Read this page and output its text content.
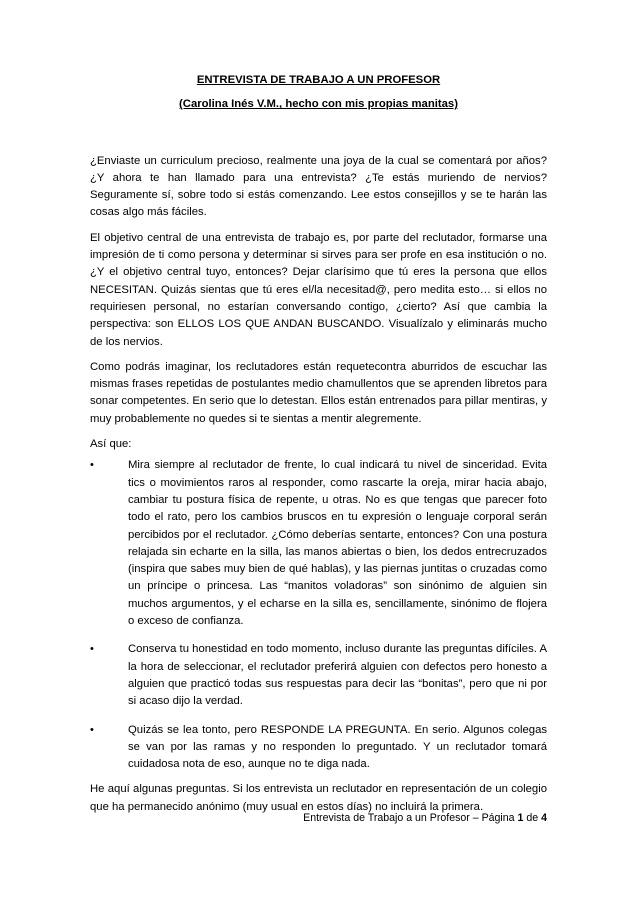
ENTREVISTA DE TRABAJO A UN PROFESOR

(Carolina Inés V.M., hecho con mis propias manitas)

¿Enviaste un curriculum precioso, realmente una joya de la cual se comentará por años? ¿Y ahora te han llamado para una entrevista? ¿Te estás muriendo de nervios? Seguramente sí, sobre todo si estás comenzando. Lee estos consejillos y se te harán las cosas algo más fáciles.

El objetivo central de una entrevista de trabajo es, por parte del reclutador, formarse una impresión de ti como persona y determinar si sirves para ser profe en esa institución o no. ¿Y el objetivo central tuyo, entonces? Dejar clarísimo que tú eres la persona que ellos NECESITAN. Quizás sientas que tú eres el/la necesitad@, pero medita esto… si ellos no requiriesen personal, no estarían conversando contigo, ¿cierto? Así que cambia la perspectiva: son ELLOS LOS QUE ANDAN BUSCANDO. Visualízalo y eliminarás mucho de los nervios.

Como podrás imaginar, los reclutadores están requetecontra aburridos de escuchar las mismas frases repetidas de postulantes medio chamullentos que se aprenden libretos para sonar competentes. En serio que lo detestan. Ellos están entrenados para pillar mentiras, y muy probablemente no quedes si te sientas a mentir alegremente.

Así que:

•	Mira siempre al reclutador de frente, lo cual indicará tu nivel de sinceridad. Evita tics o movimientos raros al responder, como rascarte la oreja, mirar hacia abajo, cambiar tu postura física de repente, u otras. No es que tengas que parecer foto todo el rato, pero los cambios bruscos en tu expresión o lenguaje corporal serán percibidos por el reclutador. ¿Cómo deberías sentarte, entonces? Con una postura relajada sin echarte en la silla, las manos abiertas o bien, los dedos entrecruzados (inspira que sabes muy bien de qué hablas), y las piernas juntitas o cruzadas como un príncipe o princesa. Las “manitos voladoras” son sinónimo de alguien sin muchos argumentos, y el echarse en la silla es, sencillamente, sinónimo de flojera o exceso de confianza.
•	Conserva tu honestidad en todo momento, incluso durante las preguntas difíciles. A la hora de seleccionar, el reclutador preferirá alguien con defectos pero honesto a alguien que practicó todas sus respuestas para decir las “bonitas”, pero que ni por si acaso dijo la verdad.
•	Quizás se lea tonto, pero RESPONDE LA PREGUNTA. En serio. Algunos colegas se van por las ramas y no responden lo preguntado. Y un reclutador tomará cuidadosa nota de eso, aunque no te diga nada.

He aquí algunas preguntas. Si los entrevista un reclutador en representación de un colegio que ha permanecido anónimo (muy usual en estos días) no incluirá la primera.

Entrevista de Trabajo a un Profesor – Página 1 de 4
